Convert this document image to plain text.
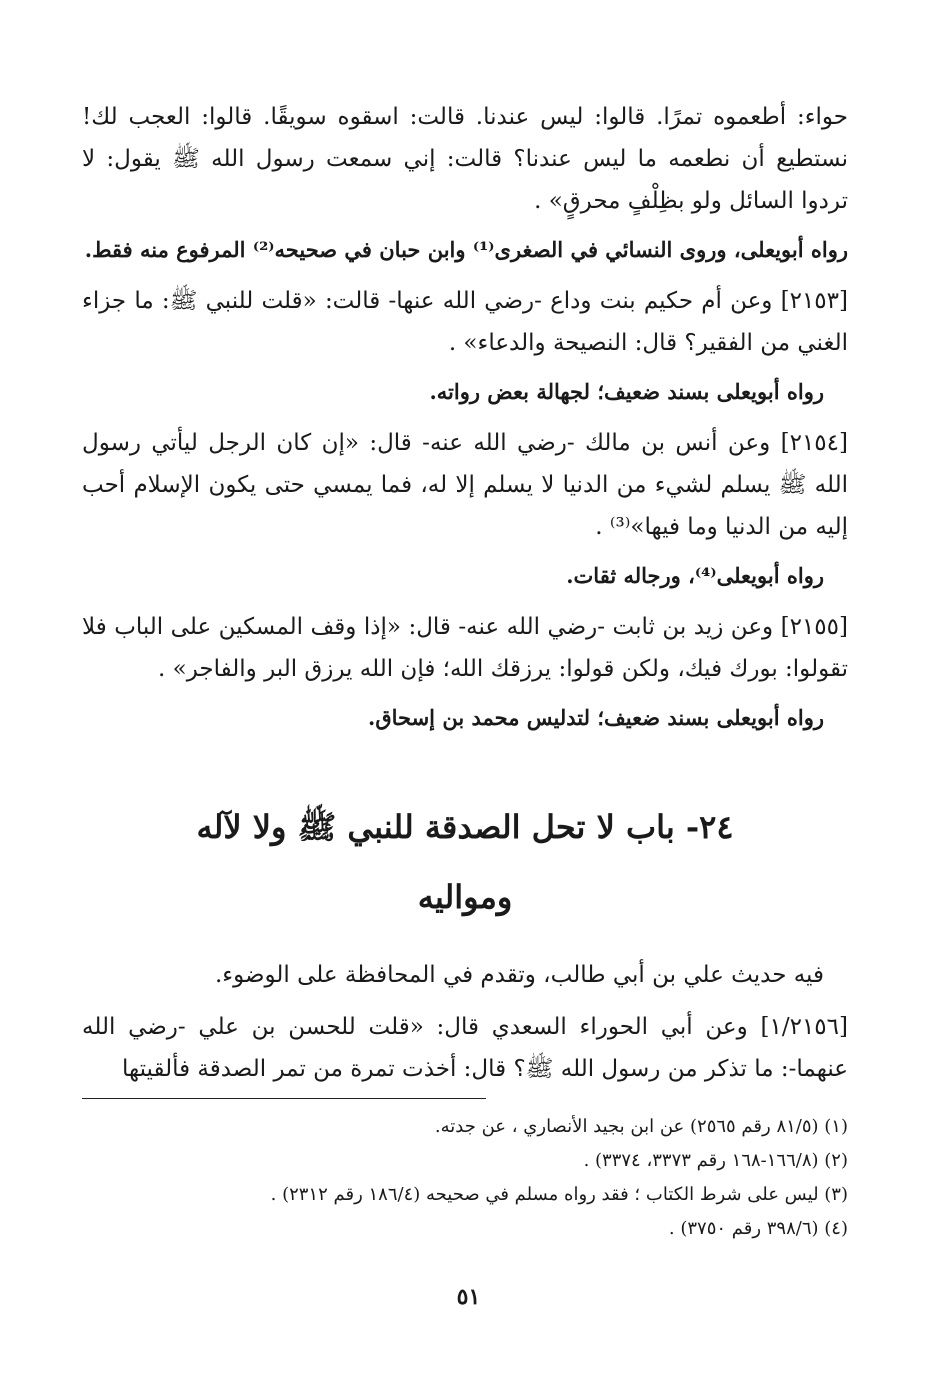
حواء: أطعموه تمرًا. قالوا: ليس عندنا. قالت: اسقوه سويقًا. قالوا: العجب لك! نستطيع أن نطعمه ما ليس عندنا؟ قالت: إني سمعت رسول الله ﷺ يقول: لا تردوا السائل ولو بظِلْفٍ محرقٍ» .

رواه أبويعلى، وروى النسائي في الصغرى⁽¹⁾ وابن حبان في صحيحه⁽²⁾ المرفوع منه فقط.

[٢١٥٣] وعن أم حكيم بنت وداع -رضي الله عنها- قالت: «قلت للنبي ﷺ: ما جزاء الغني من الفقير؟ قال: النصيحة والدعاء» .

رواه أبويعلى بسند ضعيف؛ لجهالة بعض رواته.

[٢١٥٤] وعن أنس بن مالك -رضي الله عنه- قال: «إن كان الرجل ليأتي رسول الله ﷺ يسلم لشيء من الدنيا لا يسلم إلا له، فما يمسي حتى يكون الإسلام أحب إليه من الدنيا وما فيها»⁽³⁾ .

رواه أبويعلى⁽⁴⁾، ورجاله ثقات.

[٢١٥٥] وعن زيد بن ثابت -رضي الله عنه- قال: «إذا وقف المسكين على الباب فلا تقولوا: بورك فيك، ولكن قولوا: يرزقك الله؛ فإن الله يرزق البر والفاجر» .

رواه أبويعلى بسند ضعيف؛ لتدليس محمد بن إسحاق.

٢٤- باب لا تحل الصدقة للنبي ﷺ ولا لآله
ومواليه

فيه حديث علي بن أبي طالب، وتقدم في المحافظة على الوضوء.

[١/٢١٥٦] وعن أبي الحوراء السعدي قال: «قلت للحسن بن علي -رضي الله عنهما-: ما تذكر من رسول الله ﷺ؟ قال: أخذت تمرة من تمر الصدقة فألقيتها

(١) (٨١/٥ رقم ٢٥٦٥) عن ابن بجيد الأنصاري ، عن جدته.
(٢) (١٦٦/٨-١٦٨ رقم ٣٣٧٣، ٣٣٧٤) .
(٣) ليس على شرط الكتاب ؛ فقد رواه مسلم في صحيحه (١٨٦/٤ رقم ٢٣١٢) .
(٤) (٣٩٨/٦ رقم ٣٧٥٠) .
٥١
